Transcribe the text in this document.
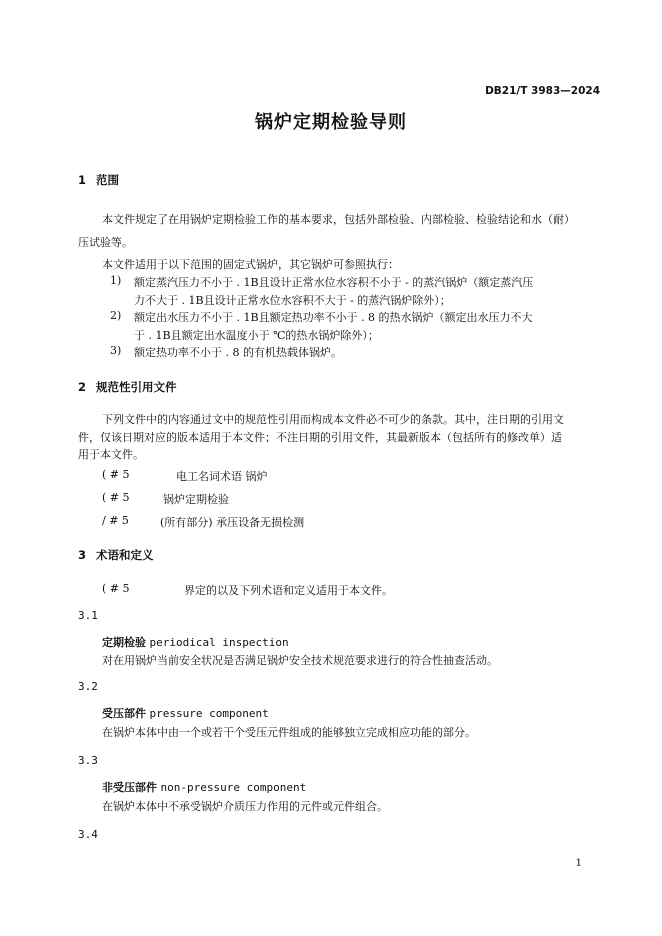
DB21/T 3983—2024
锅炉定期检验导则
1 范围
本文件规定了在用锅炉定期检验工作的基本要求，包括外部检验、内部检验、检验结论和水（耐）
压试验等。
本文件适用于以下范围的固定式锅炉，其它锅炉可参照执行：
1) 额定蒸汽压力不小于 . 1B且设计正常水位水容积不小于 - 的蒸汽锅炉（额定蒸汽压
力不大于 . 1B且设计正常水位水容积不大于 - 的蒸汽锅炉除外）；
2) 额定出水压力不小于 . 1B且额定热功率不小于 . 8 的热水锅炉（额定出水压力不大
于 . 1B且额定出水温度小于 ℃的热水锅炉除外）；
3) 额定热功率不小于 . 8 的有机热载体锅炉。
2 规范性引用文件
下列文件中的内容通过文中的规范性引用而构成本文件必不可少的条款。其中，注日期的引用文
件，仅该日期对应的版本适用于本文件；不注日期的引用文件，其最新版本（包括所有的修改单）适
用于本文件。
( # 5	电工名词术语 锅炉
( # 5	锅炉定期检验
/ # 5	(所有部分) 承压设备无损检测
3 术语和定义
( # 5	界定的以及下列术语和定义适用于本文件。
3.1
定期检验 periodical inspection
对在用锅炉当前安全状况是否满足锅炉安全技术规范要求进行的符合性抽查活动。
3.2
受压部件 pressure component
在锅炉本体中由一个或若干个受压元件组成的能够独立完成相应功能的部分。
3.3
非受压部件 non-pressure component
在锅炉本体中不承受锅炉介质压力作用的元件或元件组合。
3.4
1
